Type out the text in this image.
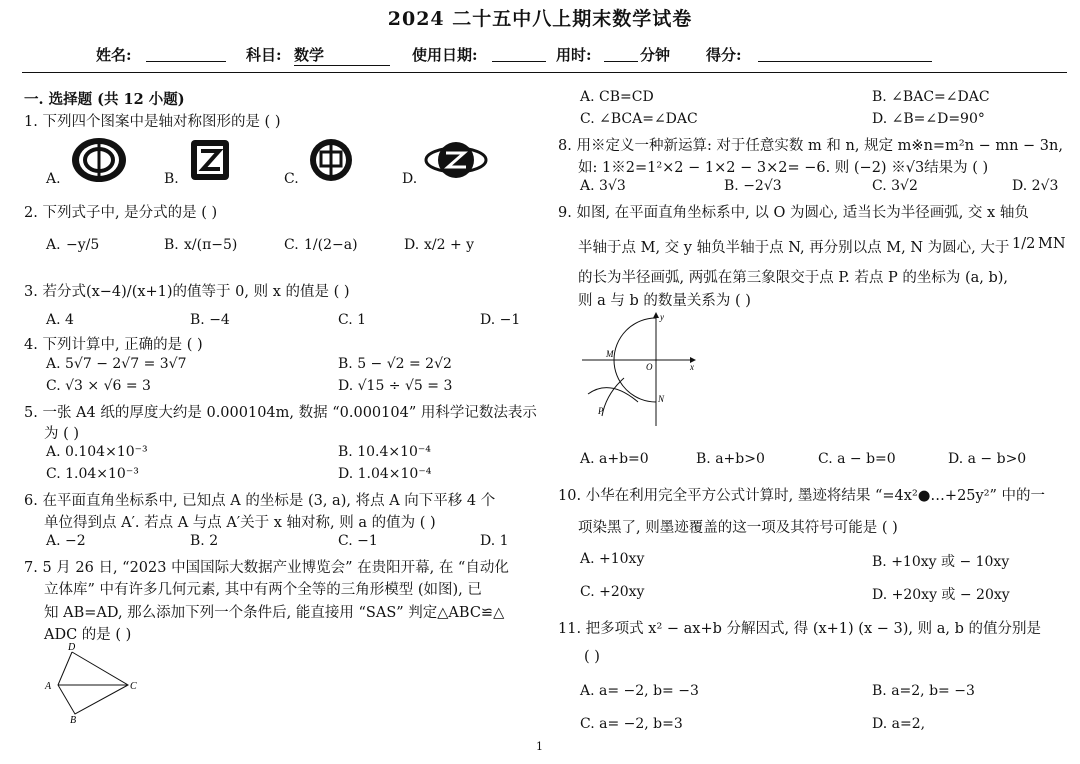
2024 二十五中八上期末数学试卷
姓名:	科目: 数学	使用日期:	用时:	分钟 得分:
一. 选择题 (共 12 小题)
1. 下列四个图案中是轴对称图形的是 ( )
A.	B.	C.	D.
2. 下列式子中, 是分式的是 ( )
A. −y/5	B. x/(π−5)	C. 1/(2−a)	D. x/2 + y
3. 若分式(x−4)/(x+1)的值等于 0, 则 x 的值是 ( )
A. 4	B. −4	C. 1	D. −1
4. 下列计算中, 正确的是 ( )
A. 5√7 − 2√7 = 3√7	B. 5 − √2 = 2√2
C. √3 × √6 = 3	D. √15 ÷ √5 = 3
5. 一张 A4 纸的厚度大约是 0.000104m, 数据 “0.000104” 用科学记数法表示
为 ( )
A. 0.104×10⁻³	B. 10.4×10⁻⁴
C. 1.04×10⁻³	D. 1.04×10⁻⁴
6. 在平面直角坐标系中, 已知点 A 的坐标是 (3, a), 将点 A 向下平移 4 个
单位得到点 A′. 若点 A 与点 A′关于 x 轴对称, 则 a 的值为 ( )
A. −2	B. 2	C. −1	D. 1
7. 5 月 26 日, “2023 中国国际大数据产业博览会” 在贵阳开幕, 在 “自动化
立体库” 中有许多几何元素, 其中有两个全等的三角形模型 (如图), 已
知 AB=AD, 那么添加下列一个条件后, 能直接用 “SAS” 判定△ABC≌△
ADC 的是 ( )
D
A	C
B
A. CB=CD	B. ∠BAC=∠DAC
C. ∠BCA=∠DAC	D. ∠B=∠D=90°
8. 用※定义一种新运算: 对于任意实数 m 和 n, 规定 m※n=m²n − mn − 3n,
如: 1※2=1²×2 − 1×2 − 3×2= −6. 则 (−2) ※√3结果为 ( )
A. 3√3	B. −2√3	C. 3√2	D. 2√3
9. 如图, 在平面直角坐标系中, 以 O 为圆心, 适当长为半径画弧, 交 x 轴负
半轴于点 M, 交 y 轴负半轴于点 N, 再分别以点 M, N 为圆心, 大于 1/2 MN
的长为半径画弧, 两弧在第三象限交于点 P. 若点 P 的坐标为 (a, b),
则 a 与 b 的数量关系为 ( )
y
M
O	x
N
P
A. a+b=0	B. a+b>0	C. a − b=0	D. a − b>0
10. 小华在利用完全平方公式计算时, 墨迹将结果 “=4x²●…+25y²” 中的一
项染黑了, 则墨迹覆盖的这一项及其符号可能是 ( )
A. +10xy	B. +10xy 或 − 10xy
C. +20xy	D. +20xy 或 − 20xy
11. 把多项式 x² − ax+b 分解因式, 得 (x+1) (x − 3), 则 a, b 的值分别是
( )
A. a= −2, b= −3	B. a=2, b= −3
C. a= −2, b=3	D. a=2,
1
